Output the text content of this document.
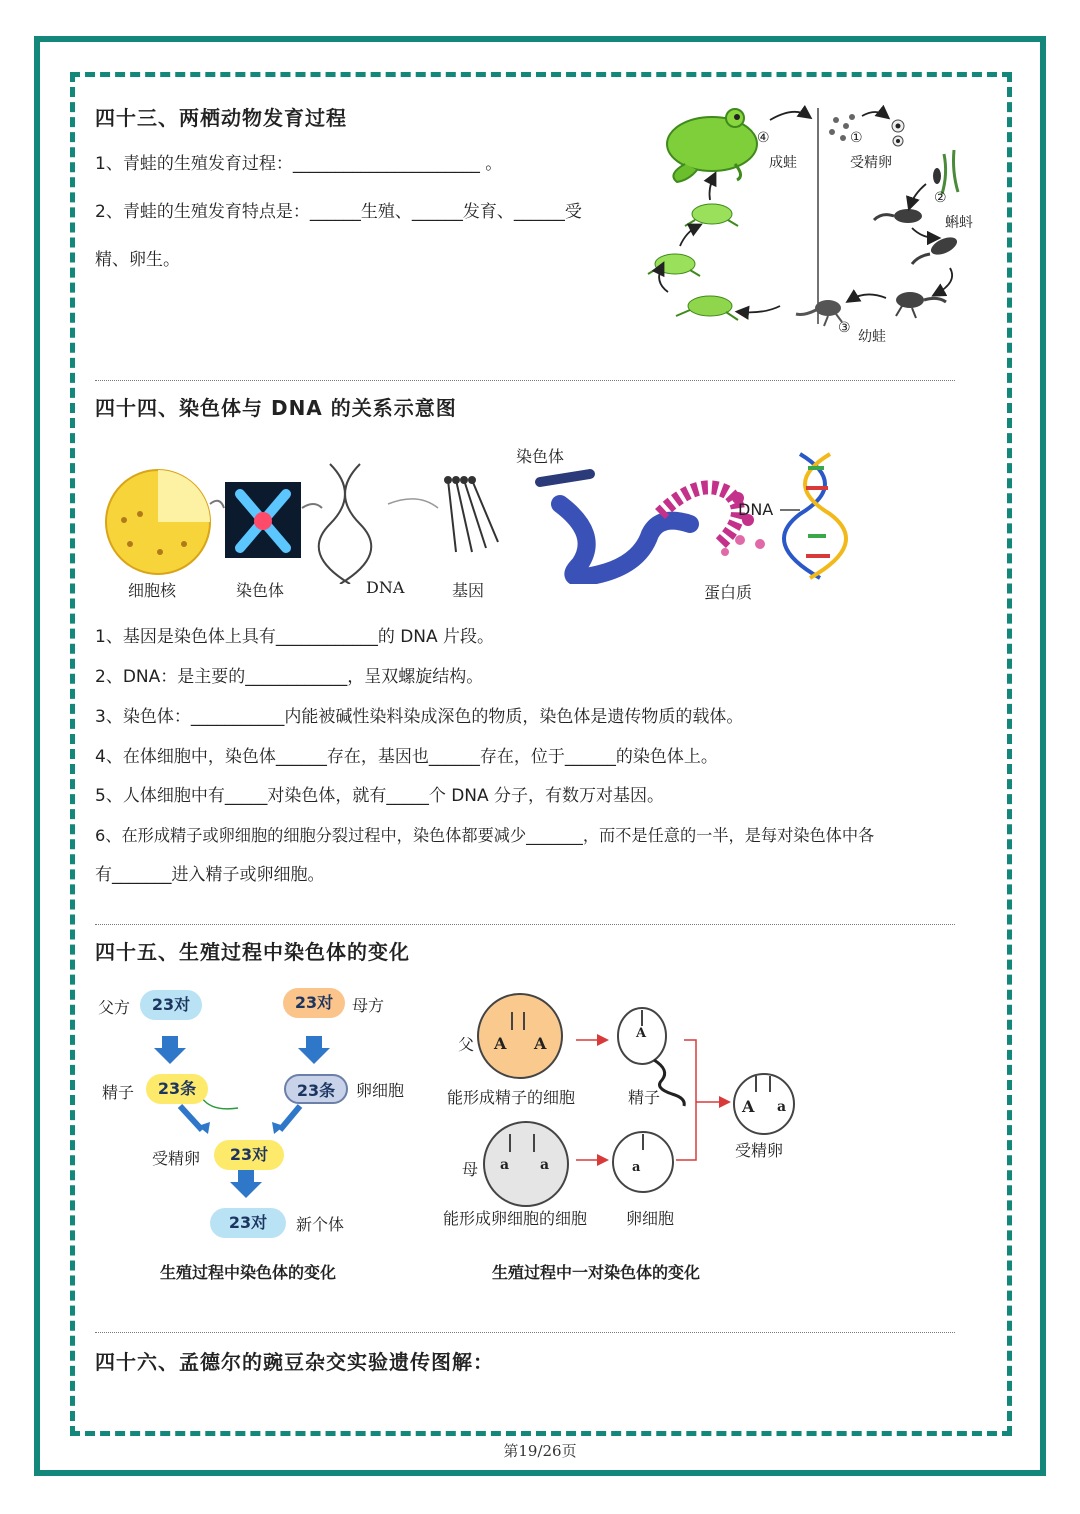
四十三、两栖动物发育过程
1、青蛙的生殖发育过程：______________________ 。
2、青蛙的生殖发育特点是：______生殖、______发育、______受
精、卵生。
④
成蛙
①
受精卵
②
蝌蚪
③
幼蛙
四十四、染色体与 DNA 的关系示意图
细胞核	染色体	DNA	基因
染色体
DNA
蛋白质
1、基因是染色体上具有____________的 DNA 片段。
2、DNA：是主要的____________，呈双螺旋结构。
3、染色体：___________内能被碱性染料染成深色的物质，染色体是遗传物质的载体。
4、在体细胞中，染色体______存在，基因也______存在，位于______的染色体上。
5、人体细胞中有_____对染色体，就有_____个 DNA 分子，有数万对基因。
6、在形成精子或卵细胞的细胞分裂过程中，染色体都要减少_______，而不是任意的一半，是每对染色体中各
有_______进入精子或卵细胞。
四十五、生殖过程中染色体的变化
父方	23对	23对	母方
精子	23条	23条	卵细胞
受精卵	23对
23对	新个体
生殖过程中染色体的变化
父 A A
能形成精子的细胞
A
精子
母 a a	a
A a
受精卵
能形成卵细胞的细胞 卵细胞
生殖过程中一对染色体的变化
四十六、孟德尔的豌豆杂交实验遗传图解：
第19/26页
